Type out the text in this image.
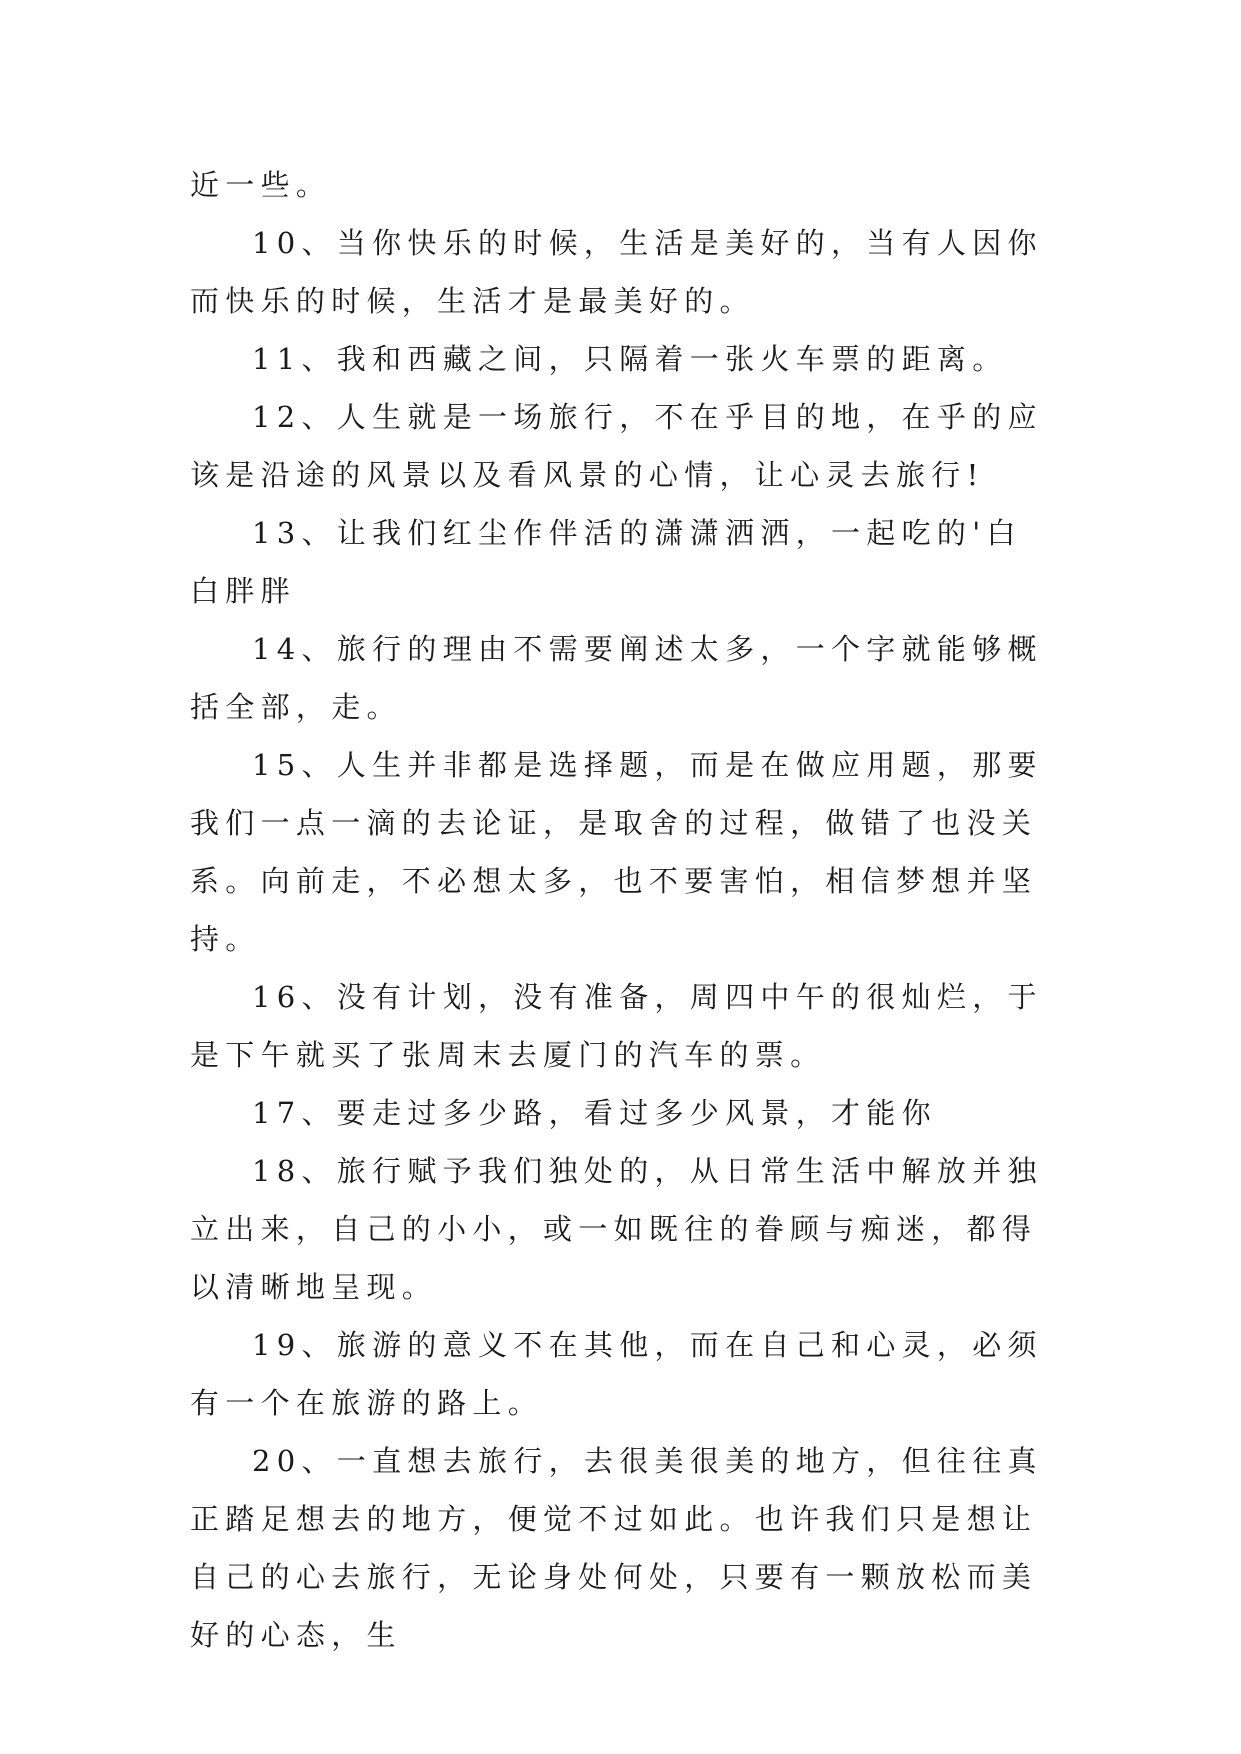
近一些。

10、当你快乐的时候，生活是美好的，当有人因你而快乐的时候，生活才是最美好的。

11、我和西藏之间，只隔着一张火车票的距离。

12、人生就是一场旅行，不在乎目的地，在乎的应该是沿途的风景以及看风景的心情，让心灵去旅行!

13、让我们红尘作伴活的潇潇洒洒，一起吃的'白白胖胖

14、旅行的理由不需要阐述太多，一个字就能够概括全部，走。

15、人生并非都是选择题，而是在做应用题，那要我们一点一滴的去论证，是取舍的过程，做错了也没关系。向前走，不必想太多，也不要害怕，相信梦想并坚持。

16、没有计划，没有准备，周四中午的很灿烂，于是下午就买了张周末去厦门的汽车的票。

17、要走过多少路，看过多少风景，才能你

18、旅行赋予我们独处的，从日常生活中解放并独立出来，自己的小小，或一如既往的眷顾与痴迷，都得以清晰地呈现。

19、旅游的意义不在其他，而在自己和心灵，必须有一个在旅游的路上。

20、一直想去旅行，去很美很美的地方，但往往真正踏足想去的地方，便觉不过如此。也许我们只是想让自己的心去旅行，无论身处何处，只要有一颗放松而美好的心态，生
